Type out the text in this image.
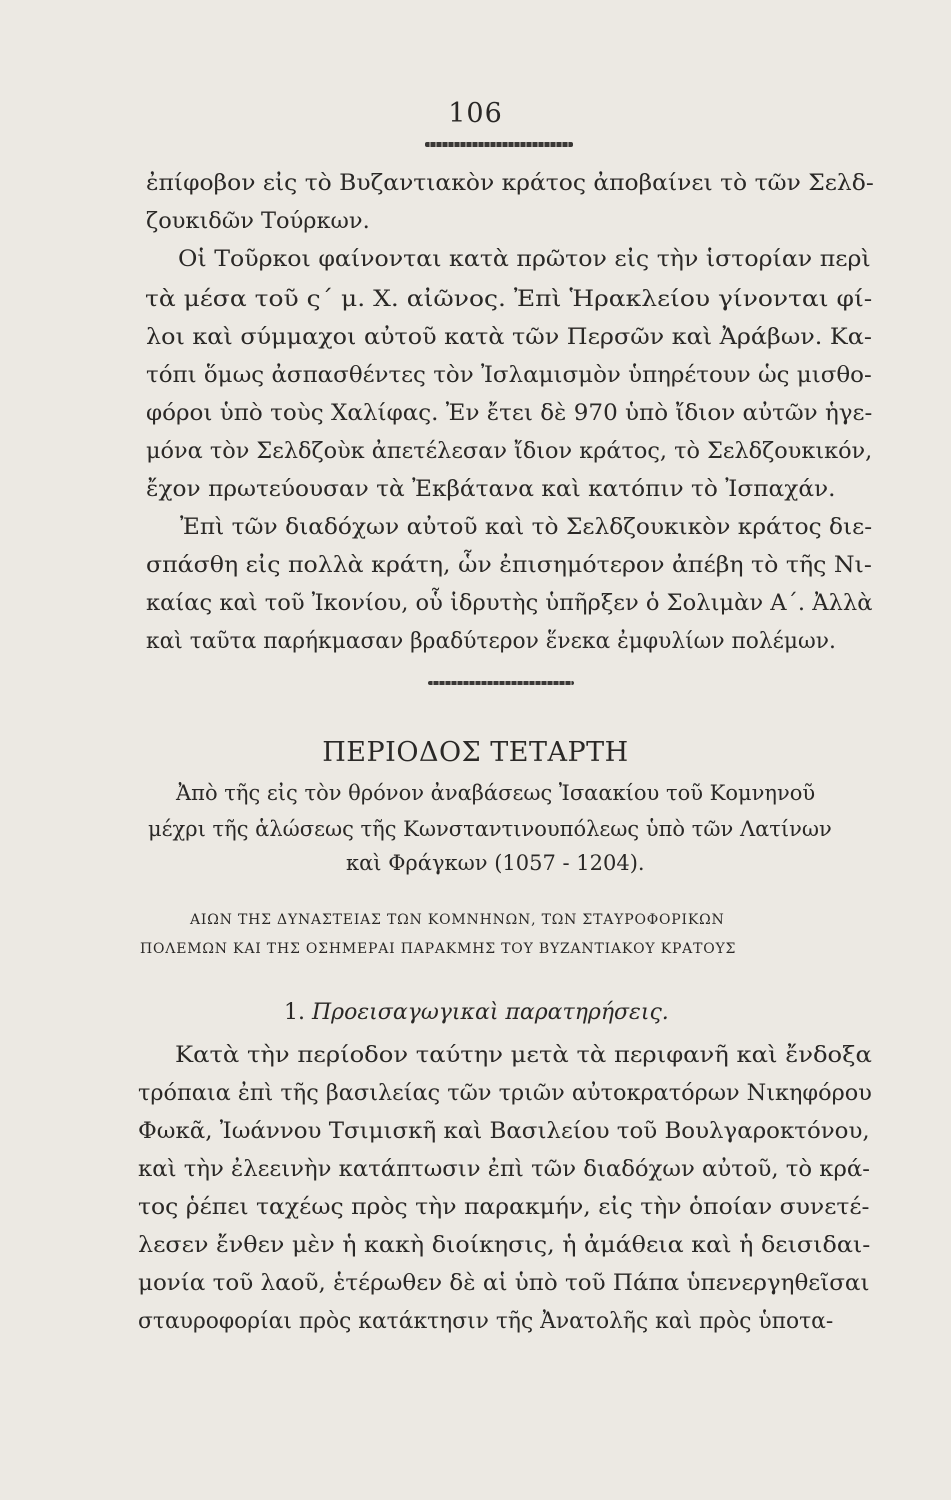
106
ἐπίφοβον εἰς τὸ Βυζαντιακὸν κράτος ἀποβαίνει τὸ τῶν Σελδ-
ζουκιδῶν Τούρκων.
Οἱ Τοῦρκοι φαίνονται κατὰ πρῶτον εἰς τὴν ἱστορίαν περὶ
τὰ μέσα τοῦ ς΄ μ. Χ. αἰῶνος. Ἐπὶ Ἡρακλείου γίνονται φί-
λοι καὶ σύμμαχοι αὐτοῦ κατὰ τῶν Περσῶν καὶ Ἀράβων. Κα-
τόπι ὅμως ἀσπασθέντες τὸν Ἰσλαμισμὸν ὑπηρέτουν ὡς μισθο-
φόροι ὑπὸ τοὺς Χαλίφας. Ἐν ἔτει δὲ 970 ὑπὸ ἴδιον αὐτῶν ἡγε-
μόνα τὸν Σελδζοὺκ ἀπετέλεσαν ἴδιον κράτος, τὸ Σελδζουκικόν,
ἔχον πρωτεύουσαν τὰ Ἐκβάτανα καὶ κατόπιν τὸ Ἰσπαχάν.
Ἐπὶ τῶν διαδόχων αὐτοῦ καὶ τὸ Σελδζουκικὸν κράτος διε-
σπάσθη εἰς πολλὰ κράτη, ὧν ἐπισημότερον ἀπέβη τὸ τῆς Νι-
καίας καὶ τοῦ Ἰκονίου, οὗ ἱδρυτὴς ὑπῆρξεν ὁ Σολιμὰν Α΄. Ἀλλὰ
καὶ ταῦτα παρήκμασαν βραδύτερον ἕνεκα ἐμφυλίων πολέμων.
ΠΕΡΙΟΔΟΣ ΤΕΤΑΡΤΗ
Ἀπὸ τῆς εἰς τὸν θρόνον ἀναβάσεως Ἰσαακίου τοῦ Κομνηνοῦ
μέχρι τῆς ἁλώσεως τῆς Κωνσταντινουπόλεως ὑπὸ τῶν Λατίνων
καὶ Φράγκων (1057 - 1204).
ΑΙΩΝ ΤΗΣ ΔΥΝΑΣΤΕΙΑΣ ΤΩΝ ΚΟΜΝΗΝΩΝ, ΤΩΝ ΣΤΑΥΡΟΦΟΡΙΚΩΝ
ΠΟΛΕΜΩΝ ΚΑΙ ΤΗΣ ΟΣΗΜΕΡΑΙ ΠΑΡΑΚΜΗΣ ΤΟΥ ΒΥΖΑΝΤΙΑΚΟΥ ΚΡΑΤΟΥΣ
1. Προεισαγωγικαὶ παρατηρήσεις.
Κατὰ τὴν περίοδον ταύτην μετὰ τὰ περιφανῆ καὶ ἔνδοξα
τρόπαια ἐπὶ τῆς βασιλείας τῶν τριῶν αὐτοκρατόρων Νικηφόρου
Φωκᾶ, Ἰωάννου Τσιμισκῆ καὶ Βασιλείου τοῦ Βουλγαροκτόνου,
καὶ τὴν ἐλεεινὴν κατάπτωσιν ἐπὶ τῶν διαδόχων αὐτοῦ, τὸ κρά-
τος ῥέπει ταχέως πρὸς τὴν παρακμήν, εἰς τὴν ὁποίαν συνετέ-
λεσεν ἔνθεν μὲν ἡ κακὴ διοίκησις, ἡ ἀμάθεια καὶ ἡ δεισιδαι-
μονία τοῦ λαοῦ, ἑτέρωθεν δὲ αἱ ὑπὸ τοῦ Πάπα ὑπενεργηθεῖσαι
σταυροφορίαι πρὸς κατάκτησιν τῆς Ἀνατολῆς καὶ πρὸς ὑποτα-
